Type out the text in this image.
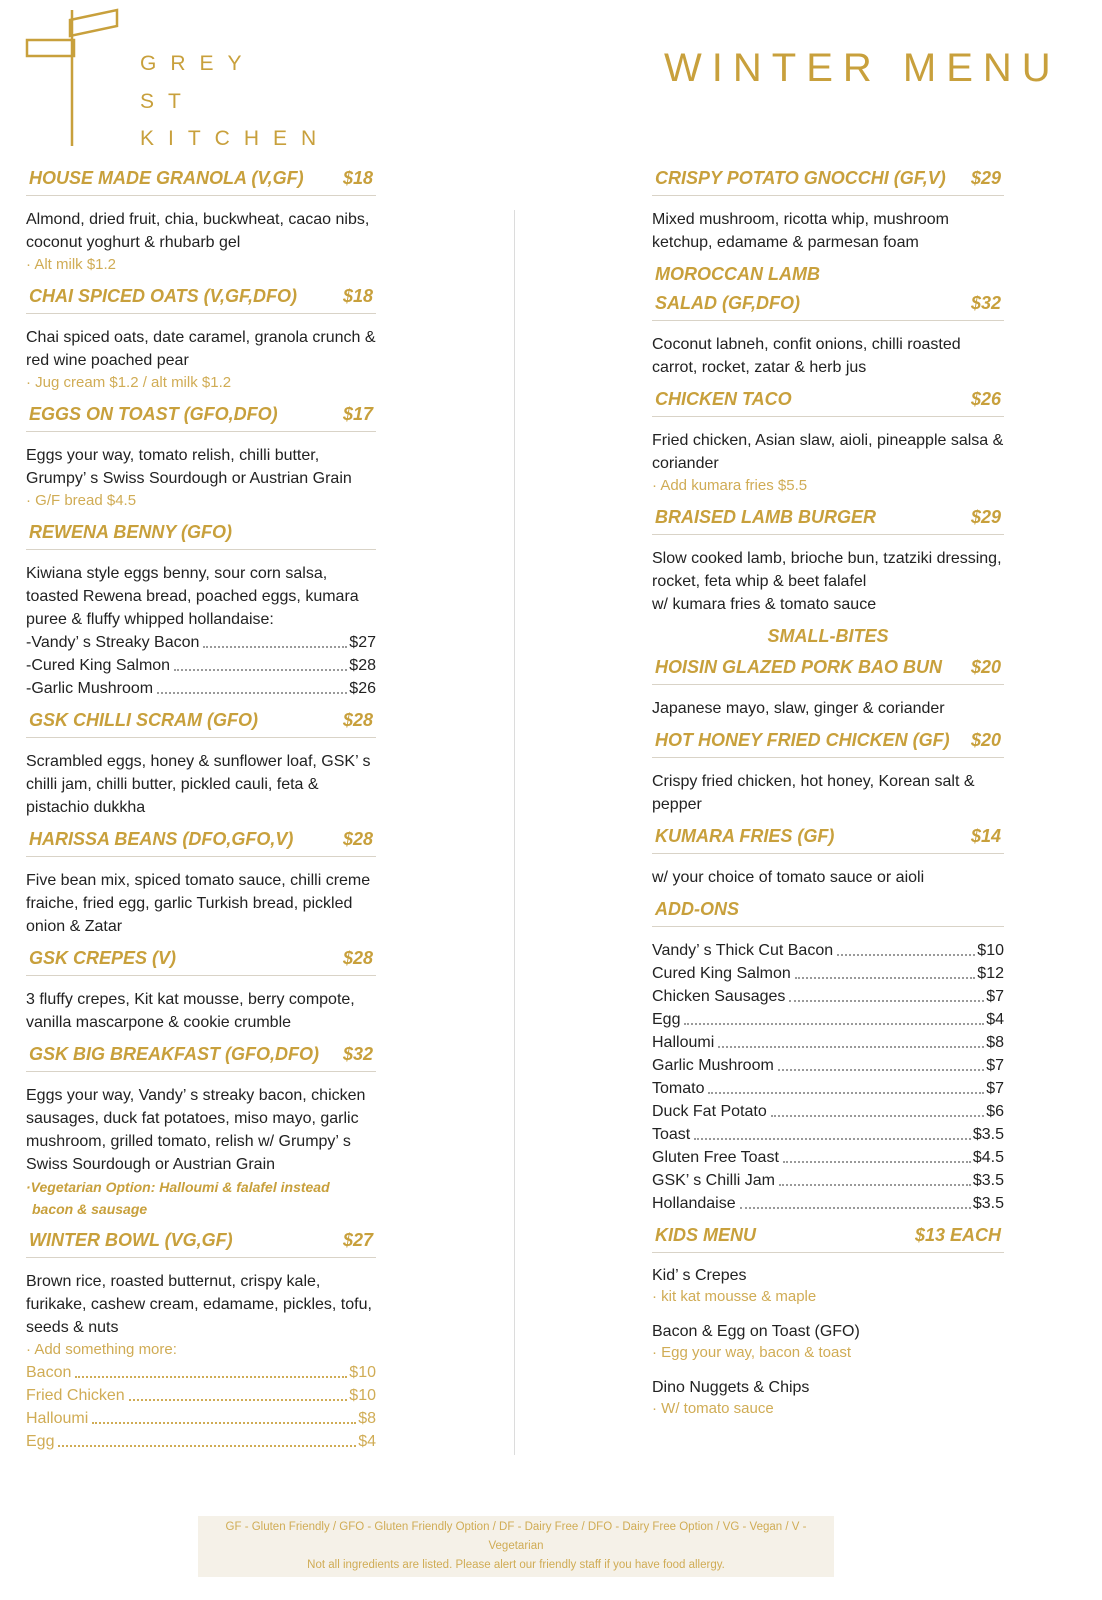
GREY
ST
KITCHEN
WINTER MENU
HOUSE MADE GRANOLA (V,GF) $18
Almond, dried fruit, chia, buckwheat, cacao nibs, coconut yoghurt & rhubarb gel
· Alt milk $1.2
CHAI SPICED OATS (V,GF,DFO)	$18
Chai spiced oats, date caramel, granola crunch & red wine poached pear
· Jug cream $1.2 / alt milk $1.2
EGGS ON TOAST (GFO,DFO)	$17
Eggs your way, tomato relish, chilli butter, Grumpy’ s Swiss Sourdough or Austrian Grain
· G/F bread $4.5
REWENA BENNY (GFO)
Kiwiana style eggs benny, sour corn salsa, toasted Rewena bread, poached eggs, kumara puree & fluffy whipped hollandaise:
-Vandy’ s Streaky Bacon	$27
-Cured King Salmon	$28
-Garlic Mushroom	$26
GSK CHILLI SCRAM (GFO)	$28
Scrambled eggs, honey & sunflower loaf, GSK’ s chilli jam, chilli butter, pickled cauli, feta & pistachio dukkha
HARISSA BEANS (DFO,GFO,V)	$28
Five bean mix, spiced tomato sauce, chilli creme fraiche, fried egg, garlic Turkish bread, pickled onion & Zatar
GSK CREPES (V)	$28
3 fluffy crepes, Kit kat mousse, berry compote, vanilla mascarpone & cookie crumble
GSK BIG BREAKFAST (GFO,DFO) $32
Eggs your way, Vandy’ s streaky bacon, chicken sausages, duck fat potatoes, miso mayo, garlic mushroom, grilled tomato, relish w/ Grumpy’ s Swiss Sourdough or Austrian Grain
·Vegetarian Option: Halloumi & falafel instead
bacon & sausage
WINTER BOWL (VG,GF)	$27
Brown rice, roasted butternut, crispy kale, furikake, cashew cream, edamame, pickles, tofu, seeds & nuts
· Add something more:
Bacon	$10
Fried Chicken	$10
Halloumi	$8
Egg	$4
CRISPY POTATO GNOCCHI (GF,V) $29
Mixed mushroom, ricotta whip, mushroom ketchup, edamame & parmesan foam
MOROCCAN LAMB
SALAD (GF,DFO)	$32
Coconut labneh, confit onions, chilli roasted carrot, rocket, zatar & herb jus
CHICKEN TACO	$26
Fried chicken, Asian slaw, aioli, pineapple salsa & coriander
· Add kumara fries $5.5
BRAISED LAMB BURGER	$29
Slow cooked lamb, brioche bun, tzatziki dressing, rocket, feta whip & beet falafel
w/ kumara fries & tomato sauce
SMALL-BITES
HOISIN GLAZED PORK BAO BUN $20
Japanese mayo, slaw, ginger & coriander
HOT HONEY FRIED CHICKEN (GF) $20
Crispy fried chicken, hot honey, Korean salt & pepper
KUMARA FRIES (GF)	$14
w/ your choice of tomato sauce or aioli
ADD-ONS
Vandy’ s Thick Cut Bacon	$10
Cured King Salmon	$12
Chicken Sausages	$7
Egg	$4
Halloumi	$8
Garlic Mushroom	$7
Tomato	$7
Duck Fat Potato	$6
Toast	$3.5
Gluten Free Toast	$4.5
GSK’ s Chilli Jam	$3.5
Hollandaise	$3.5
KIDS MENU	$13 EACH
Kid’ s Crepes
· kit kat mousse & maple
Bacon & Egg on Toast (GFO)
· Egg your way, bacon & toast
Dino Nuggets & Chips
· W/ tomato sauce
GF - Gluten Friendly / GFO - Gluten Friendly Option / DF - Dairy Free / DFO - Dairy Free Option / VG - Vegan / V - Vegetarian
Not all ingredients are listed. Please alert our friendly staff if you have food allergy.
